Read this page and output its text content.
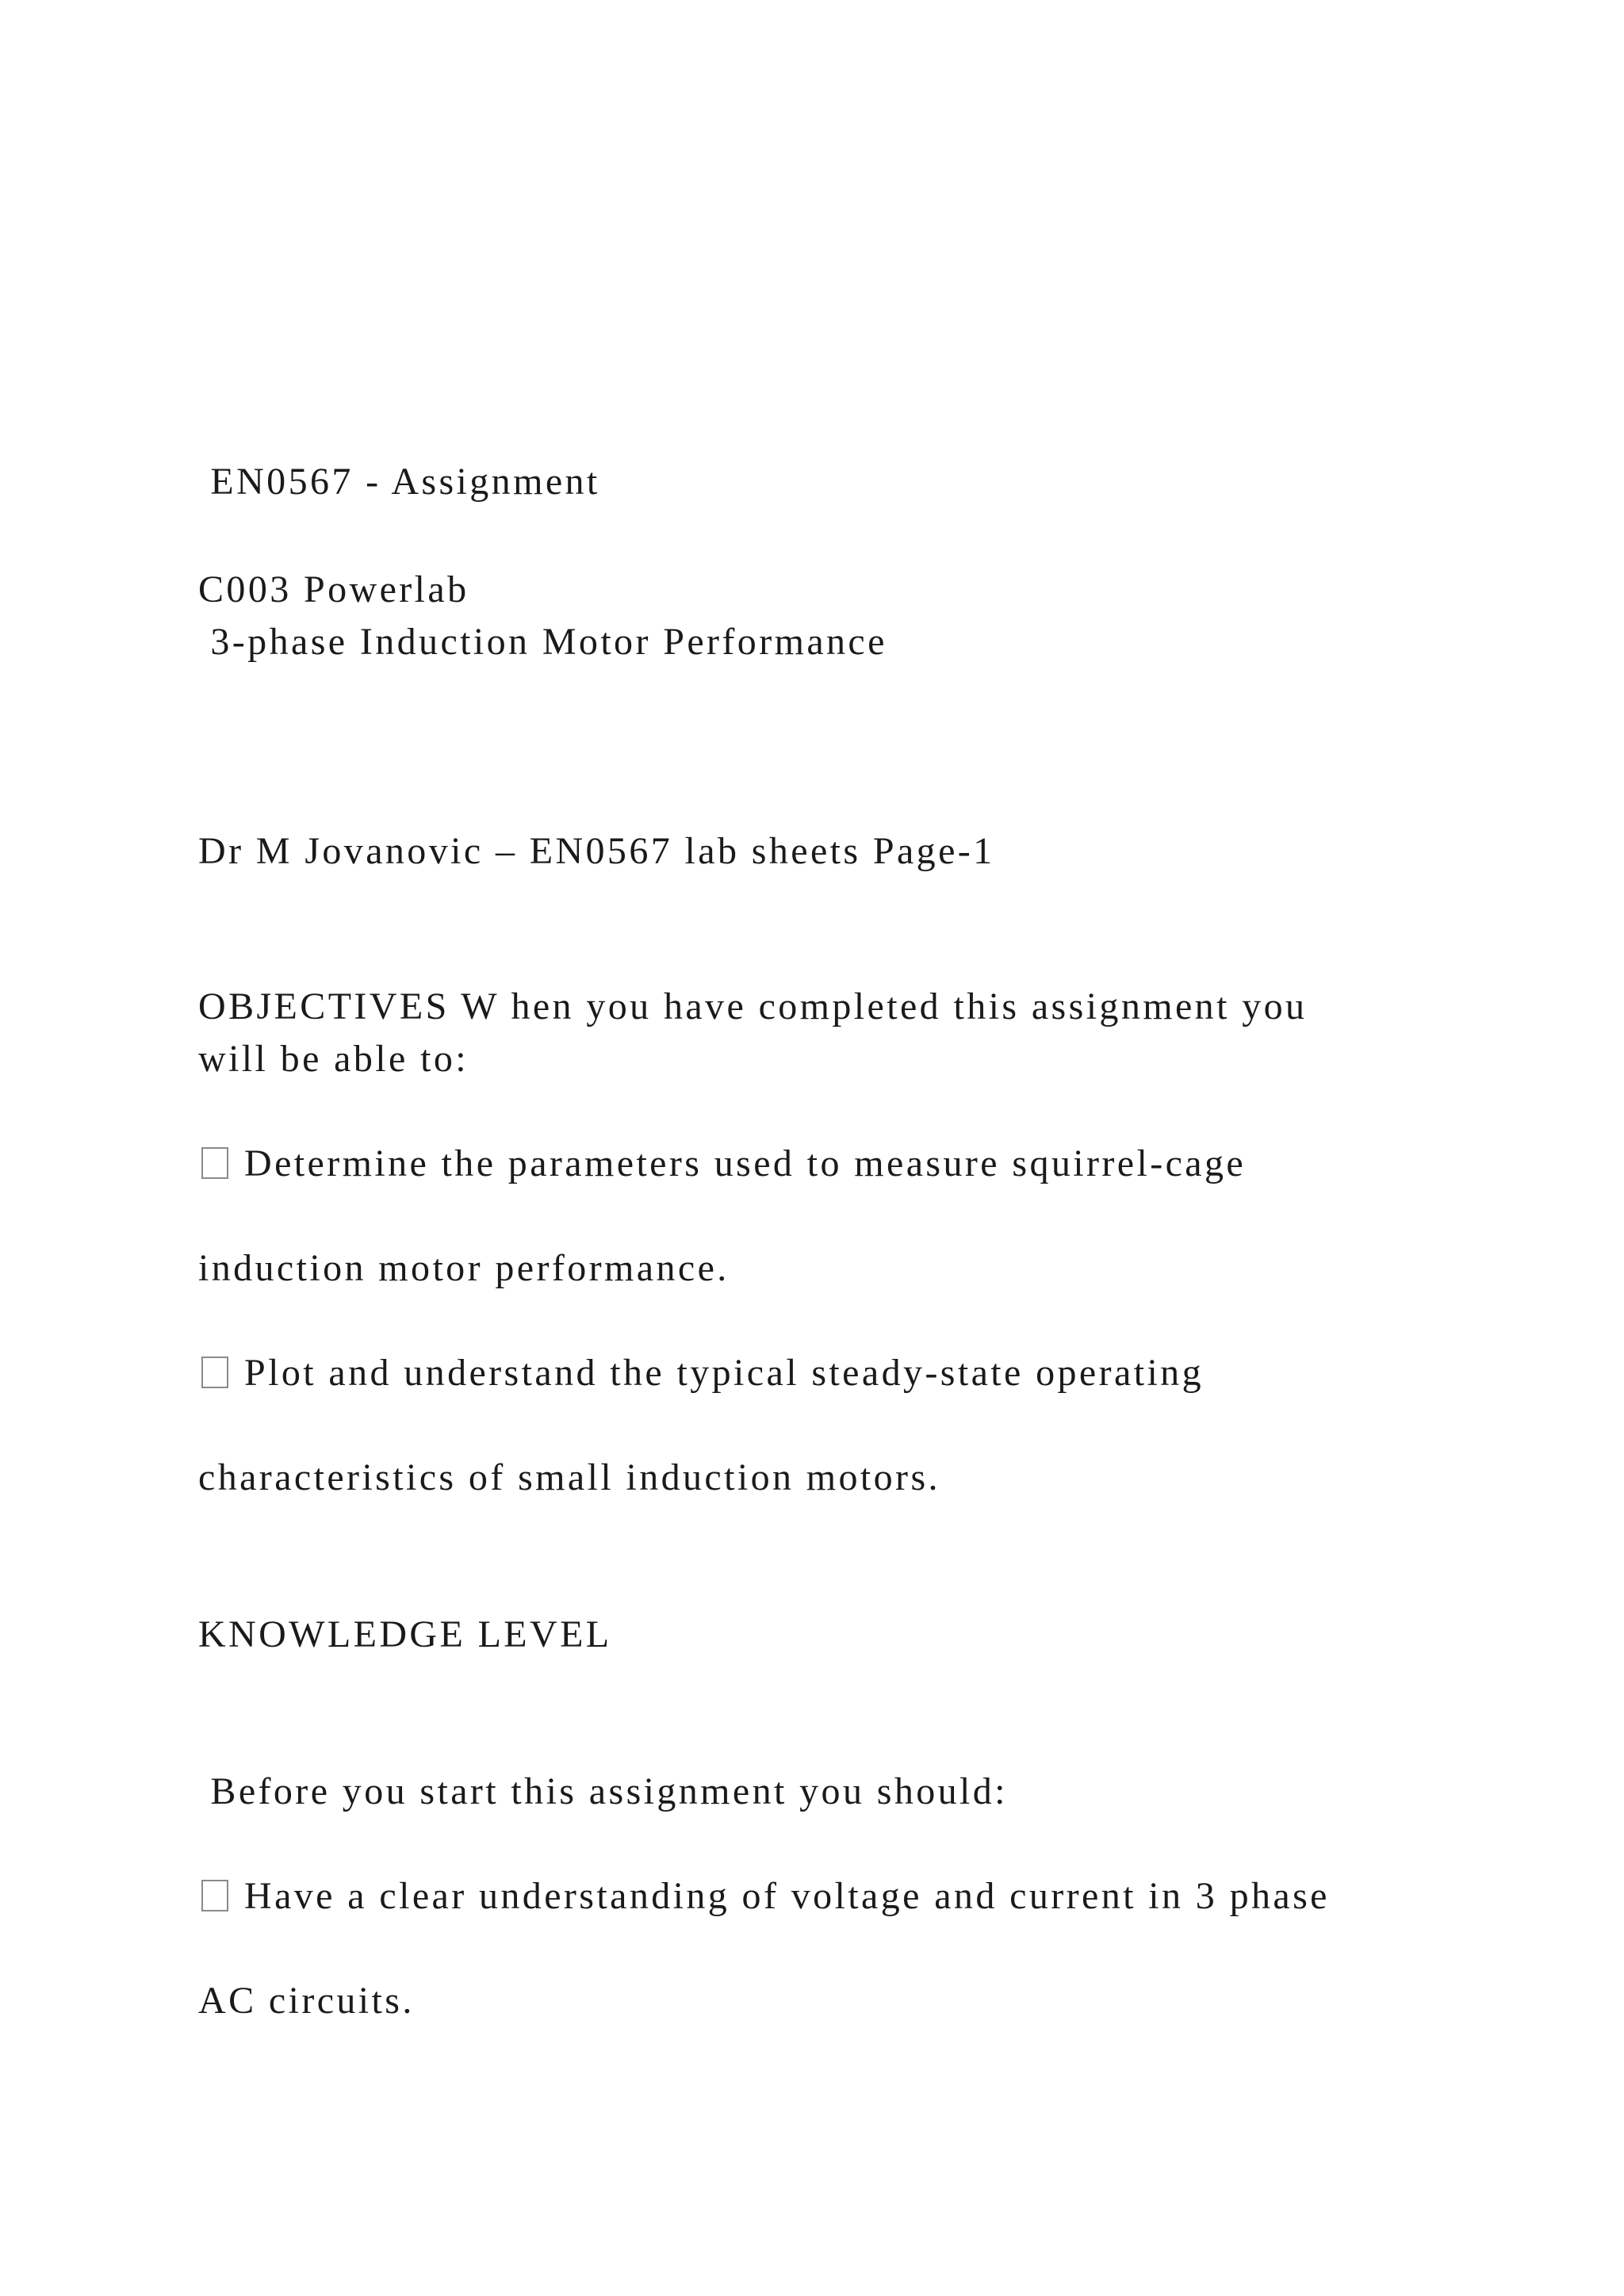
EN0567 - Assignment
C003 Powerlab
3-phase Induction Motor Performance
Dr M Jovanovic – EN0567 lab sheets Page-1
OBJECTIVES W hen you have completed this assignment you
will be able to:
Determine the parameters used to measure squirrel-cage
induction motor performance.
Plot and understand the typical steady-state operating
characteristics of small induction motors.
KNOWLEDGE LEVEL
Before you start this assignment you should:
Have a clear understanding of voltage and current in 3 phase
AC circuits.
